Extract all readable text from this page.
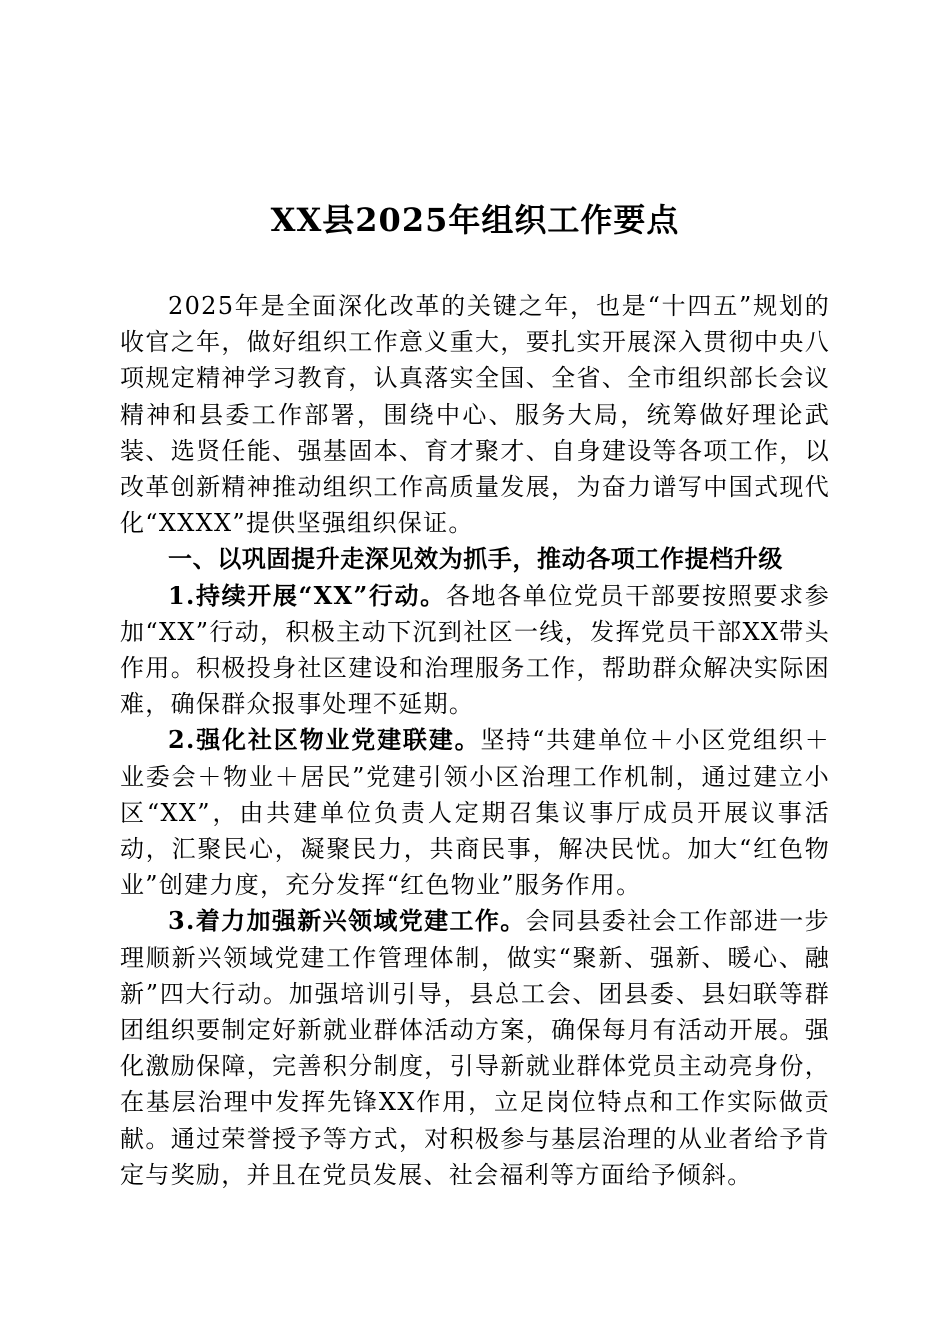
XX县2025年组织工作要点

2025年是全面深化改革的关键之年，也是“十四五”规划的收官之年，做好组织工作意义重大，要扎实开展深入贯彻中央八项规定精神学习教育，认真落实全国、全省、全市组织部长会议精神和县委工作部署，围绕中心、服务大局，统筹做好理论武装、选贤任能、强基固本、育才聚才、自身建设等各项工作，以改革创新精神推动组织工作高质量发展，为奋力谱写中国式现代化“XXXX”提供坚强组织保证。

一、以巩固提升走深见效为抓手，推动各项工作提档升级

1.持续开展“XX”行动。各地各单位党员干部要按照要求参加“XX”行动，积极主动下沉到社区一线，发挥党员干部XX带头作用。积极投身社区建设和治理服务工作，帮助群众解决实际困难，确保群众报事处理不延期。

2.强化社区物业党建联建。坚持“共建单位＋小区党组织＋业委会＋物业＋居民”党建引领小区治理工作机制，通过建立小区“XX”，由共建单位负责人定期召集议事厅成员开展议事活动，汇聚民心，凝聚民力，共商民事，解决民忧。加大“红色物业”创建力度，充分发挥“红色物业”服务作用。

3.着力加强新兴领域党建工作。会同县委社会工作部进一步理顺新兴领域党建工作管理体制，做实“聚新、强新、暖心、融新”四大行动。加强培训引导，县总工会、团县委、县妇联等群团组织要制定好新就业群体活动方案，确保每月有活动开展。强化激励保障，完善积分制度，引导新就业群体党员主动亮身份，在基层治理中发挥先锋XX作用，立足岗位特点和工作实际做贡献。通过荣誉授予等方式，对积极参与基层治理的从业者给予肯定与奖励，并且在党员发展、社会福利等方面给予倾斜。
